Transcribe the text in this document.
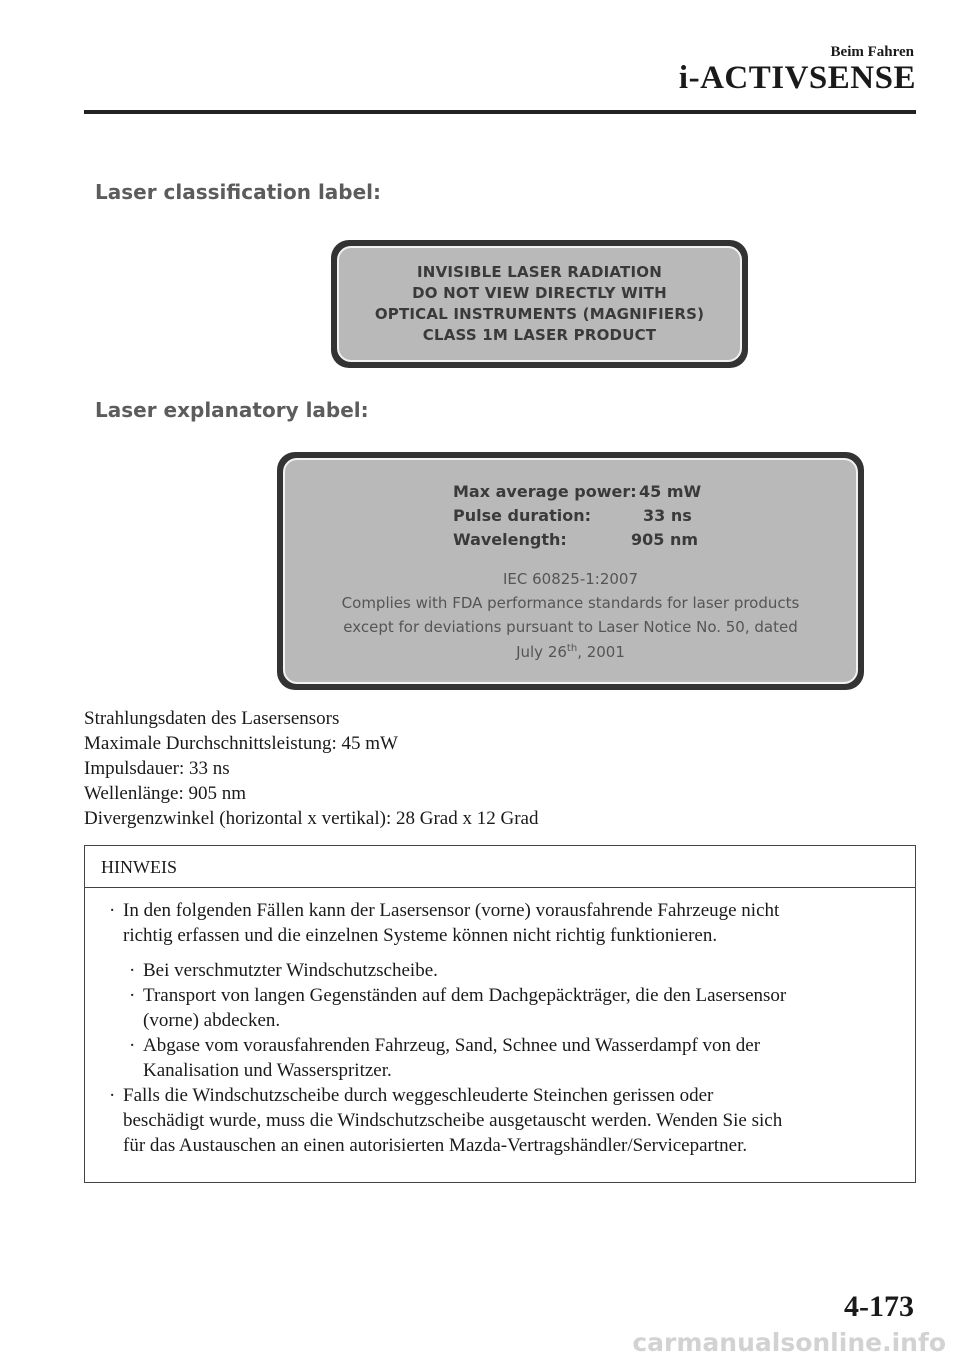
Beim Fahren
i-ACTIVSENSE
Laser classification label:
INVISIBLE LASER RADIATION
DO NOT VIEW DIRECTLY WITH
OPTICAL INSTRUMENTS (MAGNIFIERS)
CLASS 1M LASER PRODUCT
Laser explanatory label:
Max average power: 45 mW
Pulse duration:	33 ns
Wavelength:	905 nm
IEC 60825-1:2007
Complies with FDA performance standards for laser products
except for deviations pursuant to Laser Notice No. 50, dated
July 26th, 2001
Strahlungsdaten des Lasersensors
Maximale Durchschnittsleistung: 45 mW
Impulsdauer: 33 ns
Wellenlänge: 905 nm
Divergenzwinkel (horizontal x vertikal): 28 Grad x 12 Grad
HINWEIS
· In den folgenden Fällen kann der Lasersensor (vorne) vorausfahrende Fahrzeuge nicht
richtig erfassen und die einzelnen Systeme können nicht richtig funktionieren.
· Bei verschmutzter Windschutzscheibe.
· Transport von langen Gegenständen auf dem Dachgepäckträger, die den Lasersensor
(vorne) abdecken.
· Abgase vom vorausfahrenden Fahrzeug, Sand, Schnee und Wasserdampf von der
Kanalisation und Wasserspritzer.
· Falls die Windschutzscheibe durch weggeschleuderte Steinchen gerissen oder
beschädigt wurde, muss die Windschutzscheibe ausgetauscht werden. Wenden Sie sich
für das Austauschen an einen autorisierten Mazda-Vertragshändler/Servicepartner.
4-173
carmanualsonline.info
